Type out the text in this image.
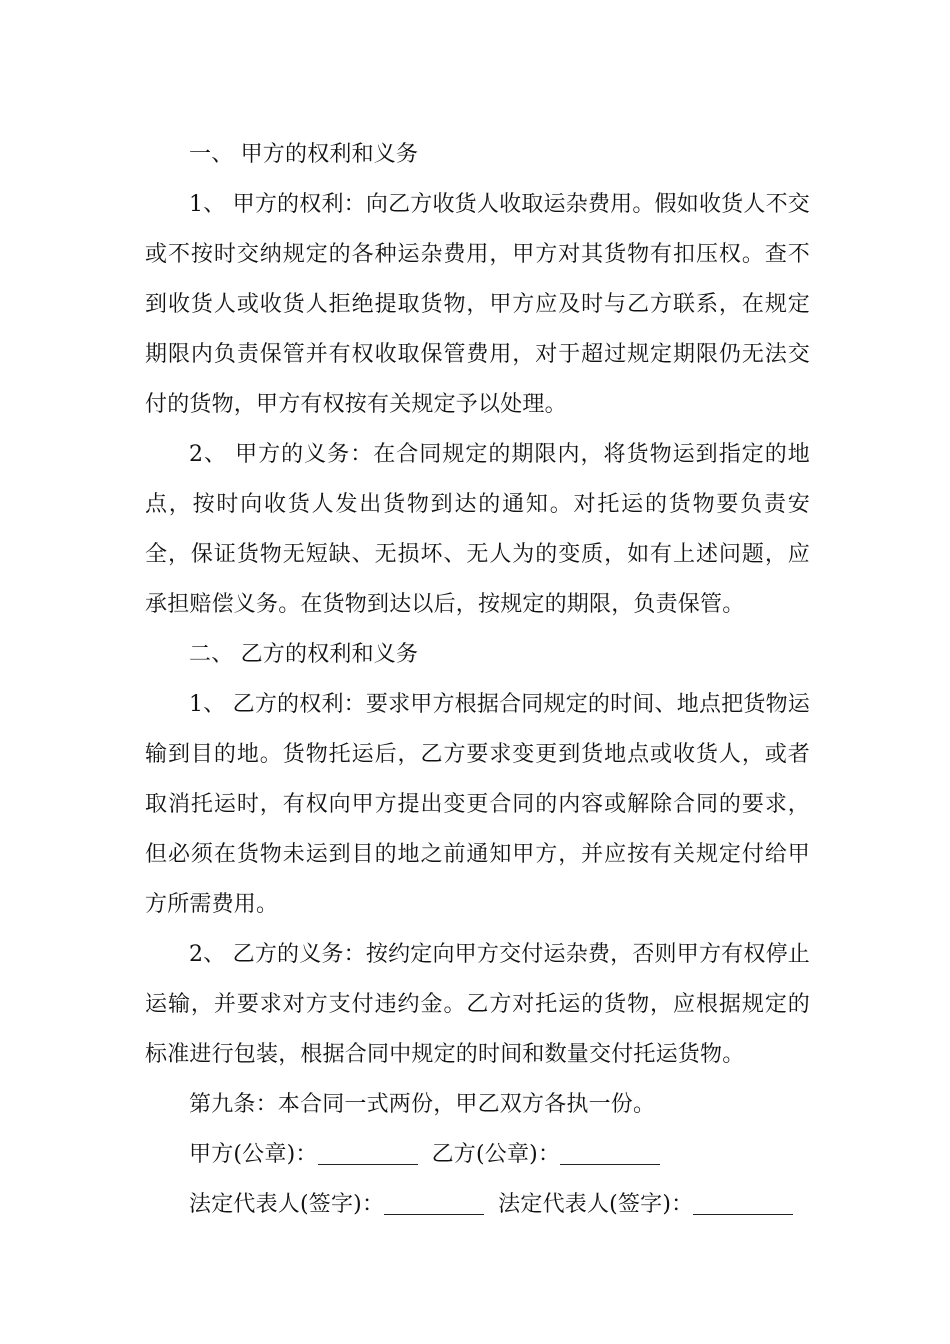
一、 甲方的权利和义务

1、 甲方的权利：向乙方收货人收取运杂费用。假如收货人不交或不按时交纳规定的各种运杂费用，甲方对其货物有扣压权。查不到收货人或收货人拒绝提取货物，甲方应及时与乙方联系，在规定期限内负责保管并有权收取保管费用，对于超过规定期限仍无法交付的货物，甲方有权按有关规定予以处理。

2、 甲方的义务：在合同规定的期限内，将货物运到指定的地点，按时向收货人发出货物到达的通知。对托运的货物要负责安全，保证货物无短缺、无损坏、无人为的变质，如有上述问题，应承担赔偿义务。在货物到达以后，按规定的期限，负责保管。

二、 乙方的权利和义务

1、 乙方的权利：要求甲方根据合同规定的时间、地点把货物运输到目的地。货物托运后，乙方要求变更到货地点或收货人，或者取消托运时，有权向甲方提出变更合同的内容或解除合同的要求，但必须在货物未运到目的地之前通知甲方，并应按有关规定付给甲方所需费用。

2、 乙方的义务：按约定向甲方交付运杂费，否则甲方有权停止运输，并要求对方支付违约金。乙方对托运的货物，应根据规定的标准进行包装，根据合同中规定的时间和数量交付托运货物。

第九条：本合同一式两份，甲乙双方各执一份。

甲方(公章)：	乙方(公章)：

法定代表人(签字)：	法定代表人(签字)：
